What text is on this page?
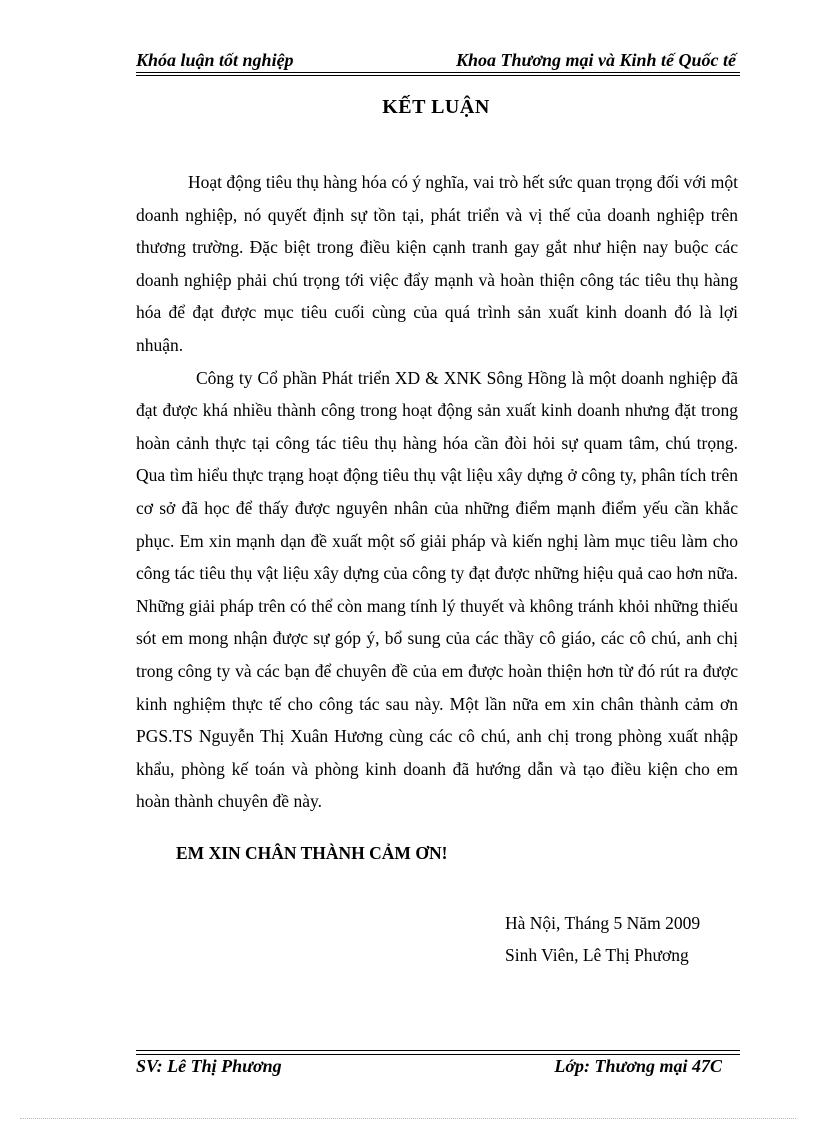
Khóa luận tốt nghiệp	Khoa Thương mại và Kinh tế Quốc tế
KẾT LUẬN

Hoạt động tiêu thụ hàng hóa có ý nghĩa, vai trò hết sức quan trọng đối với một doanh nghiệp, nó quyết định sự tồn tại, phát triển và vị thế của doanh nghiệp trên thương trường. Đặc biệt trong điều kiện cạnh tranh gay gắt như hiện nay buộc các doanh nghiệp phải chú trọng tới việc đẩy mạnh và hoàn thiện công tác tiêu thụ hàng hóa để đạt được mục tiêu cuối cùng của quá trình sản xuất kinh doanh đó là lợi nhuận.

Công ty Cổ phần Phát triển XD & XNK Sông Hồng là một doanh nghiệp đã đạt được khá nhiều thành công trong hoạt động sản xuất kinh doanh nhưng đặt trong hoàn cảnh thực tại công tác tiêu thụ hàng hóa cần đòi hỏi sự quam tâm, chú trọng. Qua tìm hiểu thực trạng hoạt động tiêu thụ vật liệu xây dựng ở công ty, phân tích trên cơ sở đã học để thấy được nguyên nhân của những điểm mạnh điểm yếu cần khắc phục. Em xin mạnh dạn đề xuất một số giải pháp và kiến nghị làm mục tiêu làm cho công tác tiêu thụ vật liệu xây dựng của công ty đạt được những hiệu quả cao hơn nữa. Những giải pháp trên có thể còn mang tính lý thuyết và không tránh khỏi những thiếu sót em mong nhận được sự góp ý, bổ sung của các thầy cô giáo, các cô chú, anh chị trong công ty và các bạn để chuyên đề của em được hoàn thiện hơn từ đó rút ra được kinh nghiệm thực tế cho công tác sau này. Một lần nữa em xin chân thành cảm ơn PGS.TS Nguyễn Thị Xuân Hương cùng các cô chú, anh chị trong phòng xuất nhập khẩu, phòng kế toán và phòng kinh doanh đã hướng dẫn và tạo điều kiện cho em hoàn thành chuyên đề này.

EM XIN CHÂN THÀNH CẢM ƠN!
Hà Nội, Tháng 5 Năm 2009
Sinh Viên, Lê Thị Phương
SV: Lê Thị Phương	Lớp: Thương mại 47C
